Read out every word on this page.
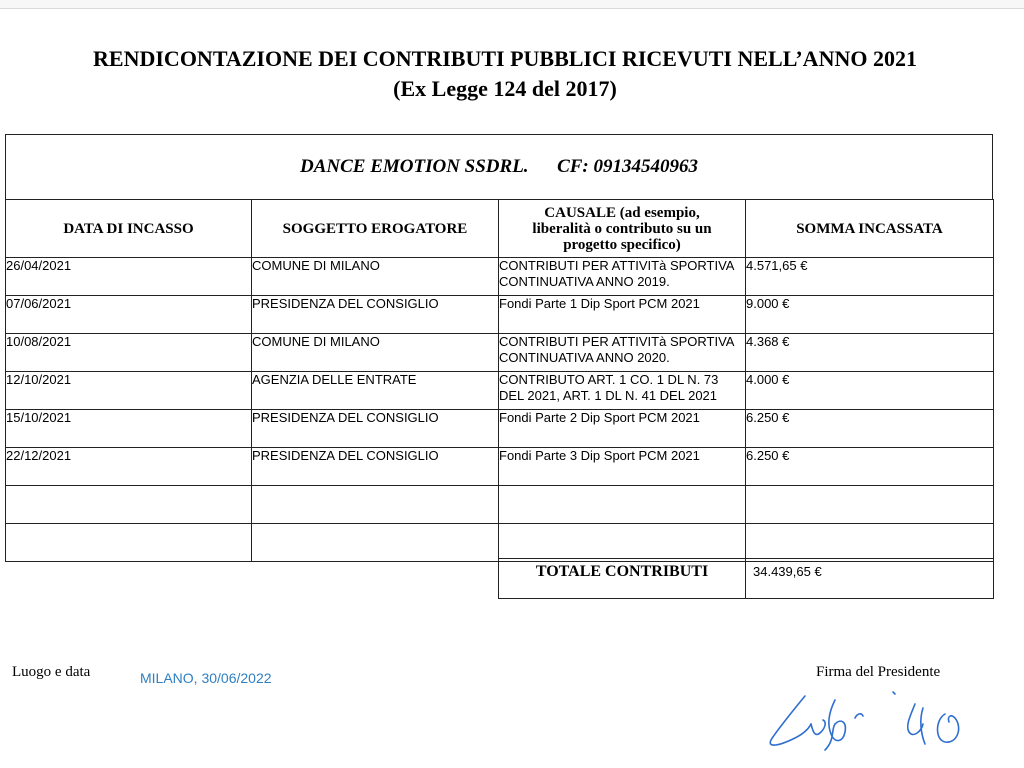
RENDICONTAZIONE DEI CONTRIBUTI PUBBLICI RICEVUTI NELL’ANNO 2021
(Ex Legge 124 del 2017)
DANCE EMOTION SSDRL.
CF: 09134540963
DATA DI INCASSO	SOGGETTO EROGATORE	CAUSALE (ad esempio, liberalità o contributo su un progetto specifico)	SOMMA INCASSATA
26/04/2021	COMUNE DI MILANO	CONTRIBUTI PER ATTIVITà SPORTIVA CONTINUATIVA ANNO 2019.	4.571,65 €
07/06/2021	PRESIDENZA DEL CONSIGLIO	Fondi Parte 1 Dip Sport PCM 2021	9.000 €
10/08/2021	COMUNE DI MILANO	CONTRIBUTI PER ATTIVITà SPORTIVA CONTINUATIVA ANNO 2020.	4.368 €
12/10/2021	AGENZIA DELLE ENTRATE	CONTRIBUTO ART. 1 CO. 1 DL N. 73 DEL 2021, ART. 1 DL N. 41 DEL 2021	4.000 €
15/10/2021	PRESIDENZA DEL CONSIGLIO	Fondi Parte 2 Dip Sport PCM 2021	6.250 €
22/12/2021	PRESIDENZA DEL CONSIGLIO	Fondi Parte 3 Dip Sport PCM 2021	6.250 €

TOTALE CONTRIBUTI	34.439,65 €
Luogo e data	MILANO, 30/06/2022	Firma del Presidente
